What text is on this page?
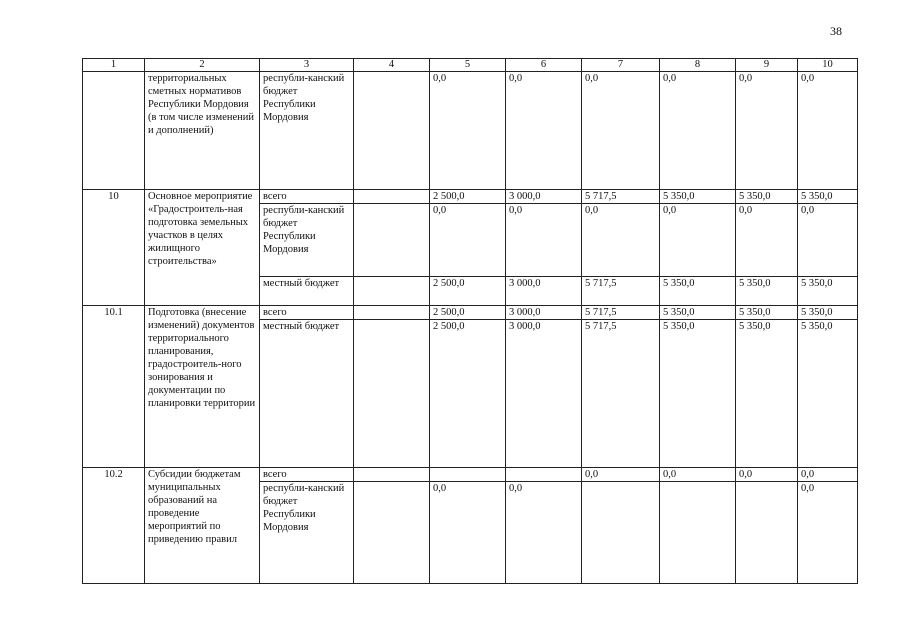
38
1	2	3	4	5	6	7	8	9	10
	территориальных сметных нормативов Республики Мордовия (в том числе изменений и дополнений)	республи-канский бюджет Республики Мордовия		0,0	0,0	0,0	0,0	0,0	0,0
10	Основное мероприятие «Градостроитель-ная подготовка земельных участков в целях жилищного строительства»	всего		2 500,0	3 000,0	5 717,5	5 350,0	5 350,0	5 350,0
		республи-канский бюджет Республики Мордовия		0,0	0,0	0,0	0,0	0,0	0,0
		местный бюджет		2 500,0	3 000,0	5 717,5	5 350,0	5 350,0	5 350,0
10.1	Подготовка (внесение изменений) документов территориального планирования, градостроитель-ного зонирования и документации по планировки территории	всего		2 500,0	3 000,0	5 717,5	5 350,0	5 350,0	5 350,0
		местный бюджет		2 500,0	3 000,0	5 717,5	5 350,0	5 350,0	5 350,0
10.2	Субсидии бюджетам муниципальных образований на проведение мероприятий по приведению правил	всего				0,0	0,0	0,0	0,0
		республи-канский бюджет Республики Мордовия		0,0	0,0				0,0
